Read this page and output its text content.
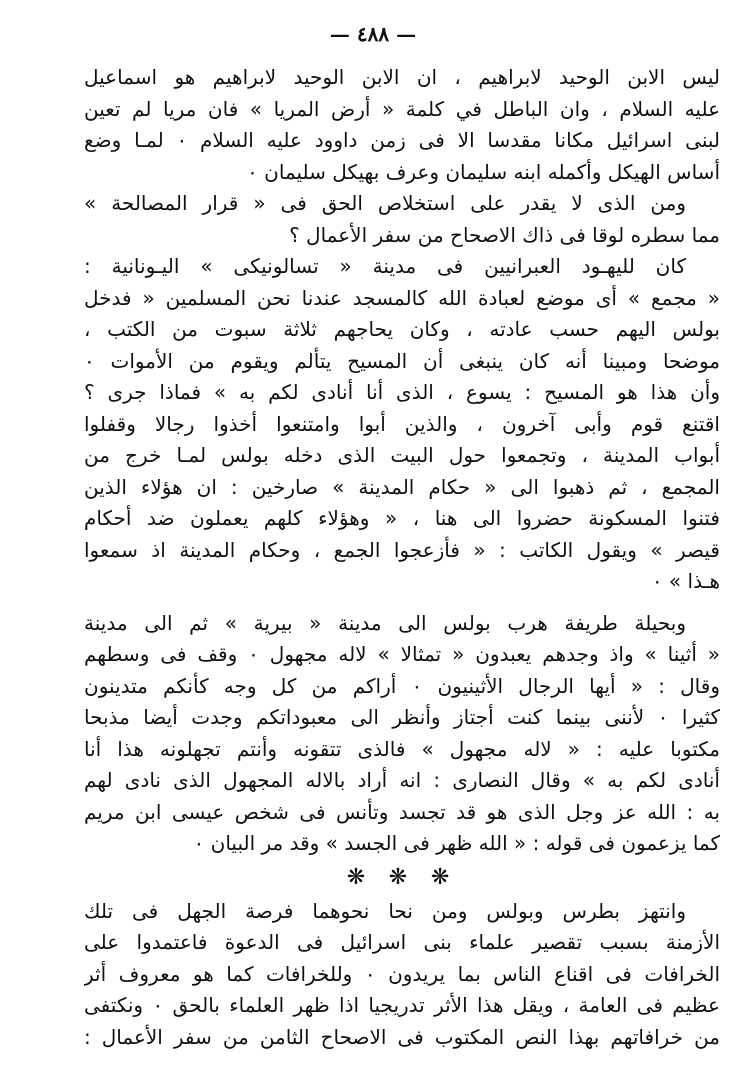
— ٤٨٨ —
ليس الابن الوحيد لابراهيم ، ان الابن الوحيد لابراهيم هو اسماعيل
عليه السلام ، وان الباطل في كلمة « أرض المريا » فان مريا لم تعين
لبنى اسرائيل مكانا مقدسا الا فى زمن داوود عليه السلام ٠ لمـا وضع
أساس الهيكل وأكمله ابنه سليمان وعرف بهيكل سليمان ٠
ومن الذى لا يقدر على استخلاص الحق فى « قرار المصالحة »
مما سطره لوقا فى ذاك الاصحاح من سفر الأعمال ؟
كان لليهـود العبرانيين فى مدينة « تسالونيكى » اليـونانية :
« مجمع » أى موضع لعبادة الله كالمسجد عندنا نحن المسلمين « فدخل
بولس اليهم حسب عادته ، وكان يحاجهم ثلاثة سبوت من الكتب ،
موضحا ومبينا أنه كان ينبغى أن المسيح يتألم ويقوم من الأموات ٠
وأن هذا هو المسيح : يسوع ، الذى أنا أنادى لكم به » فماذا جرى ؟
اقتنع قوم وأبى آخرون ، والذين أبوا وامتنعوا أخذوا رجالا وقفلوا
أبواب المدينة ، وتجمعوا حول البيت الذى دخله بولس لمـا خرج من
المجمع ، ثم ذهبوا الى « حكام المدينة » صارخين : ان هؤلاء الذين
فتنوا المسكونة حضروا الى هنا ، « وهؤلاء كلهم يعملون ضد أحكام
قيصر » ويقول الكاتب : « فأزعجوا الجمع ، وحكام المدينة اذ سمعوا
هـذا » ٠
وبحيلة طريفة هرب بولس الى مدينة « بيرية » ثم الى مدينة
« أثينا » واذ وجدهم يعبدون « تمثالا » لاله مجهول ٠ وقف فى وسطهم
وقال : « أيها الرجال الأثينيون ٠ أراكم من كل وجه كأنكم متدينون
كثيرا ٠ لأننى بينما كنت أجتاز وأنظر الى معبوداتكم وجدت أيضا مذبحا
مكتوبا عليه : « لاله مجهول » فالذى تتقونه وأنتم تجهلونه هذا أنا
أنادى لكم به » وقال النصارى : انه أراد بالاله المجهول الذى نادى لهم
به : الله عز وجل الذى هو قد تجسد وتأنس فى شخص عيسى ابن مريم
كما يزعمون فى قوله : « الله ظهر فى الجسد » وقد مر البيان ٠
❋ ❋ ❋
وانتهز بطرس وبولس ومن نحا نحوهما فرصة الجهل فى تلك
الأزمنة بسبب تقصير علماء بنى اسرائيل فى الدعوة فاعتمدوا على
الخرافات فى اقناع الناس بما يريدون ٠ وللخرافات كما هو معروف أثر
عظيم فى العامة ، ويقل هذا الأثر تدريجيا اذا ظهر العلماء بالحق ٠ ونكتفى
من خرافاتهم بهذا النص المكتوب فى الاصحاح الثامن من سفر الأعمال :
